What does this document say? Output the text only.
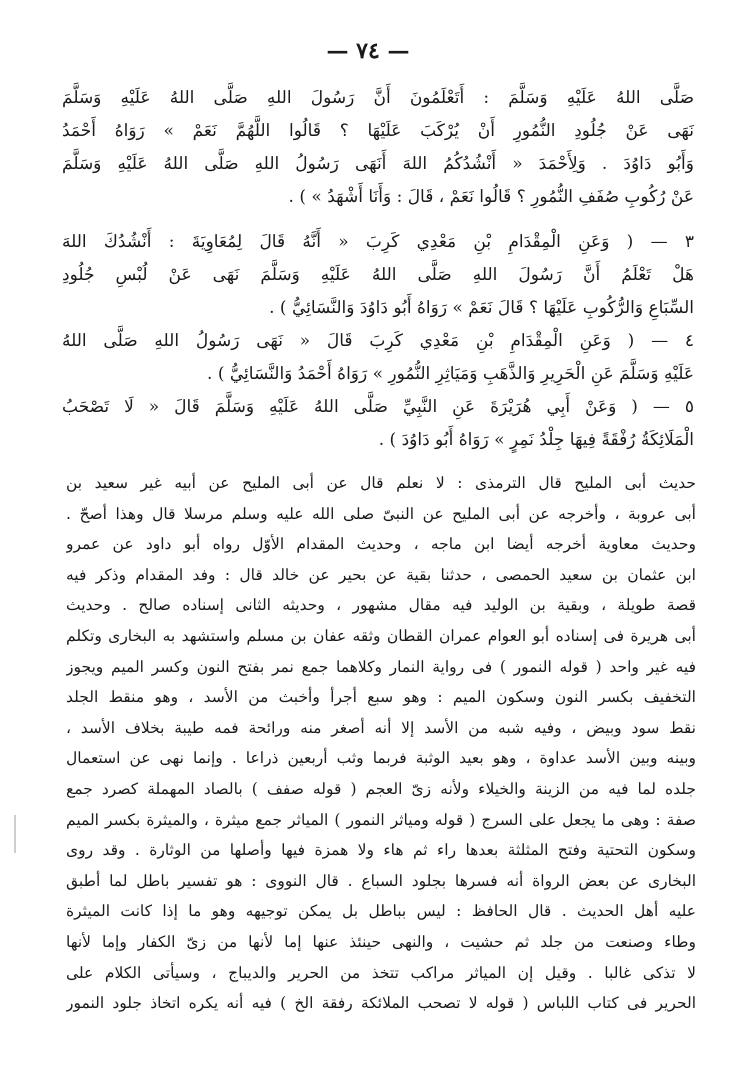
— ٧٤ —
صَلَّى اللهُ عَلَيْهِ وَسَلَّمَ : أَتَعْلَمُونَ أَنَّ رَسُولَ اللهِ صَلَّى اللهُ عَلَيْهِ وَسَلَّمَ
نَهَى عَنْ جُلُودِ النُّمُورِ أَنْ يُرْكَبَ عَلَيْهَا ؟ قَالُوا اللَّهُمَّ نَعَمْ » رَوَاهُ أَحْمَدُ
وَأَبُو دَاوُدَ . وَلِأَحْمَدَ « أَنْشُدُكُمُ اللهَ أَنَهَى رَسُولُ اللهِ صَلَّى اللهُ عَلَيْهِ وَسَلَّمَ
عَنْ رُكُوبِ صُفَفِ النُّمُورِ ؟ قَالُوا نَعَمْ ، قَالَ : وَأَنَا أَشْهَدُ » ) .
٣ — ( وَعَنِ الْمِقْدَامِ بْنِ مَعْدِي كَرِبَ « أَنَّهُ قَالَ لِمُعَاوِيَةَ : أَنْشُدُكَ اللهَ
هَلْ تَعْلَمُ أَنَّ رَسُولَ اللهِ صَلَّى اللهُ عَلَيْهِ وَسَلَّمَ نَهَى عَنْ لُبْسِ جُلُودِ
السِّبَاعِ وَالرُّكُوبِ عَلَيْهَا ؟ قَالَ نَعَمْ » رَوَاهُ أَبُو دَاوُدَ وَالنَّسَائِيُّ ) .
٤ — ( وَعَنِ الْمِقْدَامِ بْنِ مَعْدِي كَرِبَ قَالَ « نَهَى رَسُولُ اللهِ صَلَّى اللهُ
عَلَيْهِ وَسَلَّمَ عَنِ الْحَرِيرِ وَالذَّهَبِ وَمَيَاثِرِ النُّمُورِ » رَوَاهُ أَحْمَدُ وَالنَّسَائِيُّ ) .
٥ — ( وَعَنْ أَبِي هُرَيْرَةَ عَنِ النَّبِيِّ صَلَّى اللهُ عَلَيْهِ وَسَلَّمَ قَالَ « لَا تَصْحَبُ
الْمَلَائِكَةُ رُفْقَةً فِيهَا جِلْدُ نَمِرٍ » رَوَاهُ أَبُو دَاوُدَ ) .
حديث أبى المليح قال الترمذى : لا نعلم قال عن أبى المليح عن أبيه غير سعيد بن
أبى عروبة ، وأخرجه عن أبى المليح عن النبىّ صلى الله عليه وسلم مرسلا قال وهذا أصحّ .
وحديث معاوية أخرجه أيضا ابن ماجه ، وحديث المقدام الأوّل رواه أبو داود عن عمرو
ابن عثمان بن سعيد الحمصى ، حدثنا بقية عن بحير عن خالد قال : وفد المقدام وذكر فيه
قصة طويلة ، وبقية بن الوليد فيه مقال مشهور ، وحديثه الثانى إسناده صالح . وحديث
أبى هريرة فى إسناده أبو العوام عمران القطان وثقه عفان بن مسلم واستشهد به البخارى وتكلم
فيه غير واحد ( قوله النمور ) فى رواية النمار وكلاهما جمع نمر بفتح النون وكسر الميم ويجوز
التخفيف بكسر النون وسكون الميم : وهو سبع أجرأ وأخبث من الأسد ، وهو منقط الجلد
نقط سود وبيض ، وفيه شبه من الأسد إلا أنه أصغر منه ورائحة فمه طيبة بخلاف الأسد ،
وبينه وبين الأسد عداوة ، وهو بعيد الوثبة فربما وثب أربعين ذراعا . وإنما نهى عن استعمال
جلده لما فيه من الزينة والخيلاء ولأنه زىّ العجم ( قوله صفف ) بالصاد المهملة كصرد جمع
صفة : وهى ما يجعل على السرج ( قوله ومياثر النمور ) المياثر جمع ميثرة ، والميثرة بكسر الميم
وسكون التحتية وفتح المثلثة بعدها راء ثم هاء ولا همزة فيها وأصلها من الوثارة . وقد روى
البخارى عن بعض الرواة أنه فسرها بجلود السباع . قال النووى : هو تفسير باطل لما أطبق
عليه أهل الحديث . قال الحافظ : ليس بباطل بل يمكن توجيهه وهو ما إذا كانت الميثرة
وطاء وصنعت من جلد ثم حشيت ، والنهى حينئذ عنها إما لأنها من زىّ الكفار وإما لأنها
لا تذكى غالبا . وقيل إن المياثر مراكب تتخذ من الحرير والديباج ، وسيأتى الكلام على
الحرير فى كتاب اللباس ( قوله لا تصحب الملائكة رفقة الخ ) فيه أنه يكره اتخاذ جلود النمور
